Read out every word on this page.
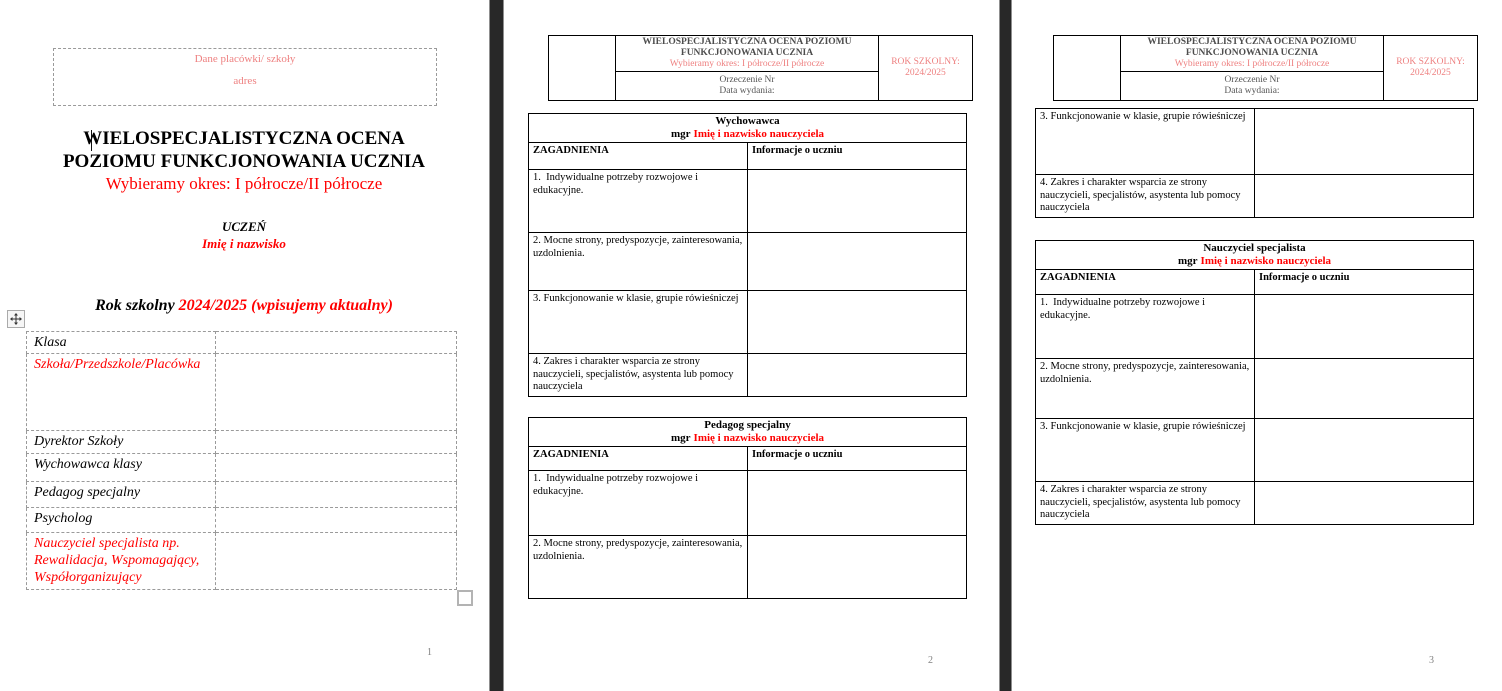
Dane placówki/ szkoły
adres
WIELOSPECJALISTYCZNA OCENA
POZIOMU FUNKCJONOWANIA UCZNIA
Wybieramy okres: I półrocze/II półrocze
UCZEŃ
Imię i nazwisko
Rok szkolny 2024/2025 (wpisujemy aktualny)
Klasa	
Szkoła/Przedszkole/Placówka	
Dyrektor Szkoły	
Wychowawca klasy	
Pedagog specjalny	
Psycholog	
Nauczyciel specjalista np. Rewalidacja, Wspomagający, Współorganizujący	
1

WIELOSPECJALISTYCZNA OCENA POZIOMU FUNKCJONOWANIA UCZNIA
Wybieramy okres: I półrocze/II półrocze	ROK SZKOLNY:
2024/2025

Orzeczenie Nr
Data wydania:
Wychowawca
mgr Imię i nazwisko nauczyciela	

ZAGADNIENIA	Informacje o uczniu
1.  Indywidualne potrzeby rozwojowe i edukacyjne.	
2. Mocne strony, predyspozycje, zainteresowania, uzdolnienia.	
3. Funkcjonowanie w klasie, grupie rówieśniczej	
4. Zakres i charakter wsparcia ze strony nauczycieli, specjalistów, asystenta lub pomocy nauczyciela	
Pedagog specjalny
mgr Imię i nazwisko nauczyciela	

ZAGADNIENIA	Informacje o uczniu
1.  Indywidualne potrzeby rozwojowe i edukacyjne.	
2. Mocne strony, predyspozycje, zainteresowania, uzdolnienia.	
2

WIELOSPECJALISTYCZNA OCENA POZIOMU FUNKCJONOWANIA UCZNIA
Wybieramy okres: I półrocze/II półrocze	ROK SZKOLNY:
2024/2025

Orzeczenie Nr
Data wydania:
3. Funkcjonowanie w klasie, grupie rówieśniczej	
4. Zakres i charakter wsparcia ze strony nauczycieli, specjalistów, asystenta lub pomocy nauczyciela	
Nauczyciel specjalista
mgr Imię i nazwisko nauczyciela	

ZAGADNIENIA	Informacje o uczniu
1.  Indywidualne potrzeby rozwojowe i edukacyjne.	
2. Mocne strony, predyspozycje, zainteresowania, uzdolnienia.	
3. Funkcjonowanie w klasie, grupie rówieśniczej	
4. Zakres i charakter wsparcia ze strony nauczycieli, specjalistów, asystenta lub pomocy nauczyciela	
3
